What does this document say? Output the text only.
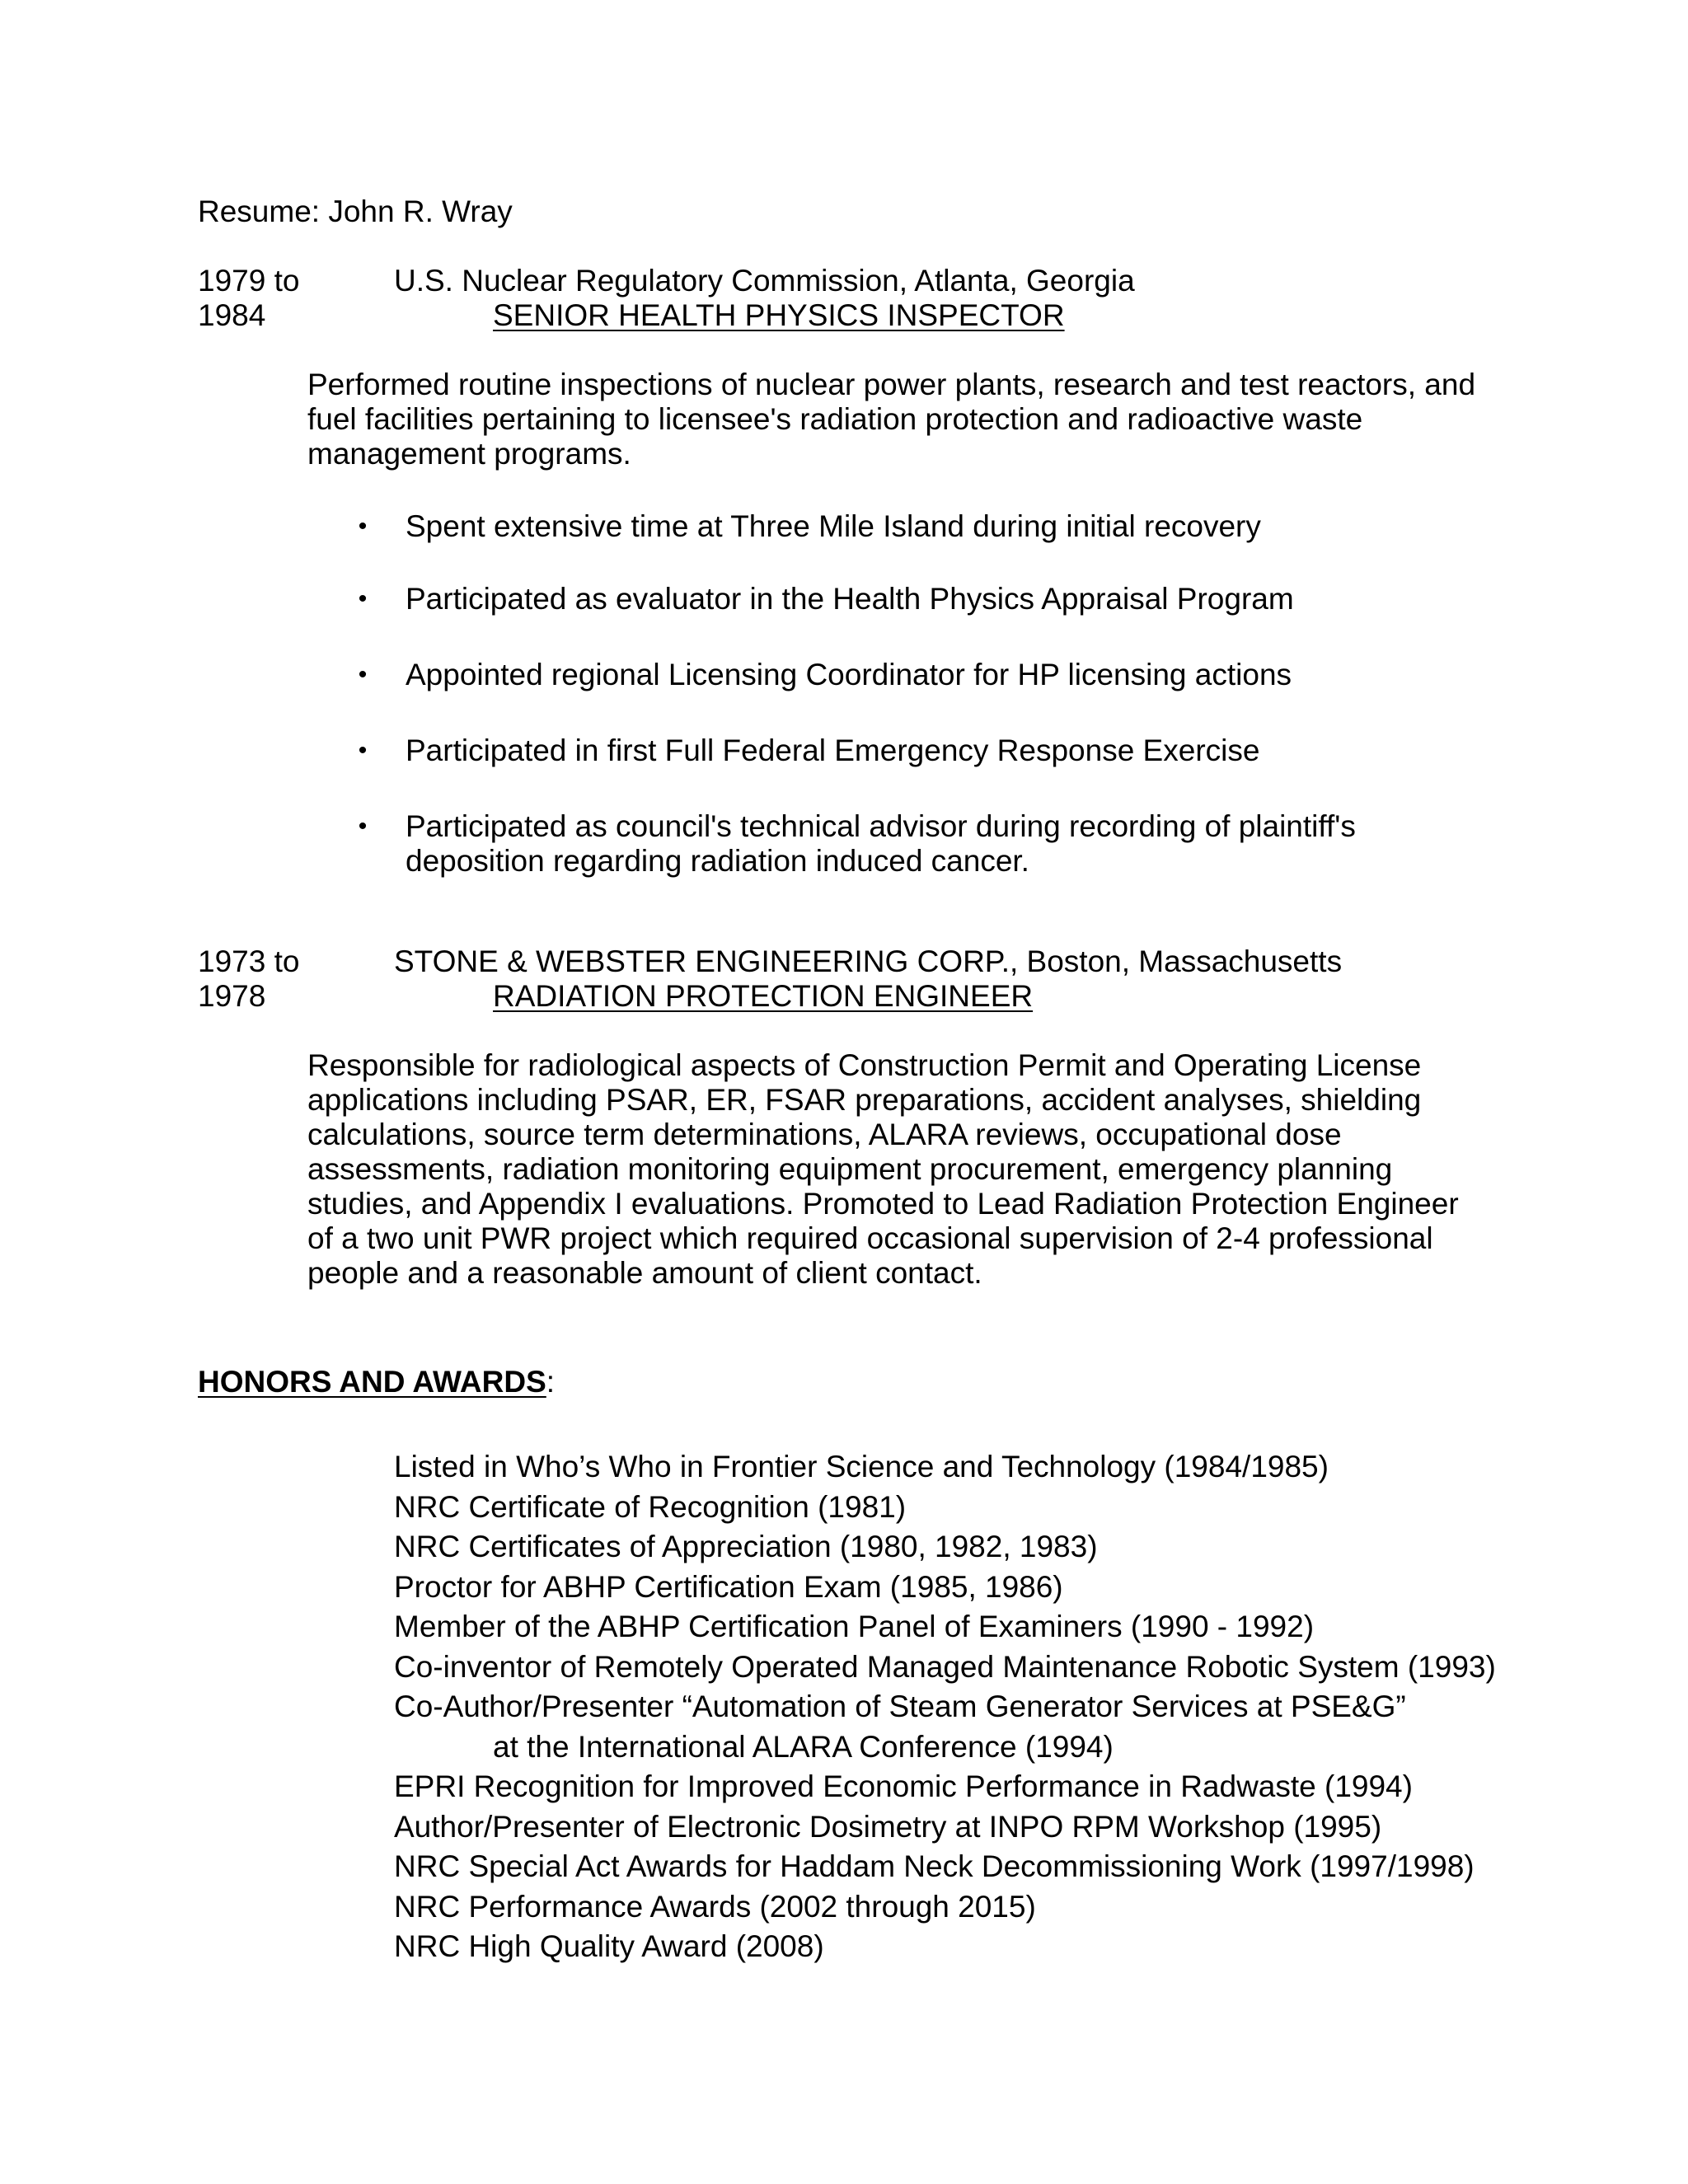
Resume: John R. Wray
1979 to
1984
U.S. Nuclear Regulatory Commission, Atlanta, Georgia
SENIOR HEALTH PHYSICS INSPECTOR

Performed routine inspections of nuclear power plants, research and test reactors, and fuel facilities pertaining to licensee's radiation protection and radioactive waste management programs.

• Spent extensive time at Three Mile Island during initial recovery
• Participated as evaluator in the Health Physics Appraisal Program
• Appointed regional Licensing Coordinator for HP licensing actions
• Participated in first Full Federal Emergency Response Exercise
• Participated as council's technical advisor during recording of plaintiff's deposition regarding radiation induced cancer.
1973 to
1978
STONE & WEBSTER ENGINEERING CORP., Boston, Massachusetts
RADIATION PROTECTION ENGINEER

Responsible for radiological aspects of Construction Permit and Operating License applications including PSAR, ER, FSAR preparations, accident analyses, shielding calculations, source term determinations, ALARA reviews, occupational dose assessments, radiation monitoring equipment procurement, emergency planning studies, and Appendix I evaluations. Promoted to Lead Radiation Protection Engineer of a two unit PWR project which required occasional supervision of 2-4 professional people and a reasonable amount of client contact.

HONORS AND AWARDS:
Listed in Who’s Who in Frontier Science and Technology (1984/1985)
NRC Certificate of Recognition (1981)
NRC Certificates of Appreciation (1980, 1982, 1983)
Proctor for ABHP Certification Exam (1985, 1986)
Member of the ABHP Certification Panel of Examiners (1990 - 1992)
Co-inventor of Remotely Operated Managed Maintenance Robotic System (1993)
Co-Author/Presenter “Automation of Steam Generator Services at PSE&G”
at the International ALARA Conference (1994)
EPRI Recognition for Improved Economic Performance in Radwaste (1994)
Author/Presenter of Electronic Dosimetry at INPO RPM Workshop (1995)
NRC Special Act Awards for Haddam Neck Decommissioning Work (1997/1998)
NRC Performance Awards (2002 through 2015)
NRC High Quality Award (2008)
